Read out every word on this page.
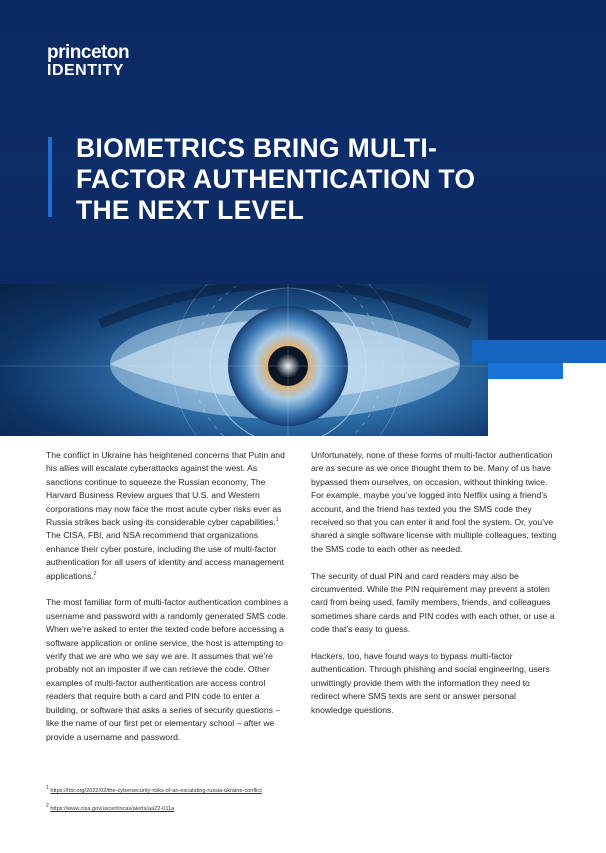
princeton
IDENTITY
BIOMETRICS BRING MULTI-FACTOR AUTHENTICATION TO THE NEXT LEVEL

The conflict in Ukraine has heightened concerns that Putin and his allies will escalate cyberattacks against the west. As sanctions continue to squeeze the Russian economy, The Harvard Business Review argues that U.S. and Western corporations may now face the most acute cyber risks ever as Russia strikes back using its considerable cyber capabilities.$^1$ The CISA, FBI, and NSA recommend that organizations enhance their cyber posture, including the use of multi-factor authentication for all users of identity and access management applications.$^2$

The most familiar form of multi-factor authentication combines a username and password with a randomly generated SMS code. When we’re asked to enter the texted code before accessing a software application or online service, the host is attempting to verify that we are who we say we are. It assumes that we’re probably not an imposter if we can retrieve the code. Other examples of multi-factor authentication are access control readers that require both a card and PIN code to enter a building, or software that asks a series of security questions – like the name of our first pet or elementary school – after we provide a username and password.

Unfortunately, none of these forms of multi-factor authentication are as secure as we once thought them to be. Many of us have bypassed them ourselves, on occasion, without thinking twice. For example, maybe you’ve logged into Netflix using a friend’s account, and the friend has texted you the SMS code they received so that you can enter it and fool the system. Or, you’ve shared a single software license with multiple colleagues, texting the SMS code to each other as needed.

The security of dual PIN and card readers may also be circumvented. While the PIN requirement may prevent a stolen card from being used, family members, friends, and colleagues sometimes share cards and PIN codes with each other, or use a code that’s easy to guess.

Hackers, too, have found ways to bypass multi-factor authentication. Through phishing and social engineering, users unwittingly provide them with the information they need to redirect where SMS texts are sent or answer personal knowledge questions.

$^1$ https://hbr.org/2022/02/the-cybersecurity-risks-of-an-escalating-russia-ukraine-conflict
$^2$ https://www.cisa.gov/uscert/ncas/alerts/aa22-011a
